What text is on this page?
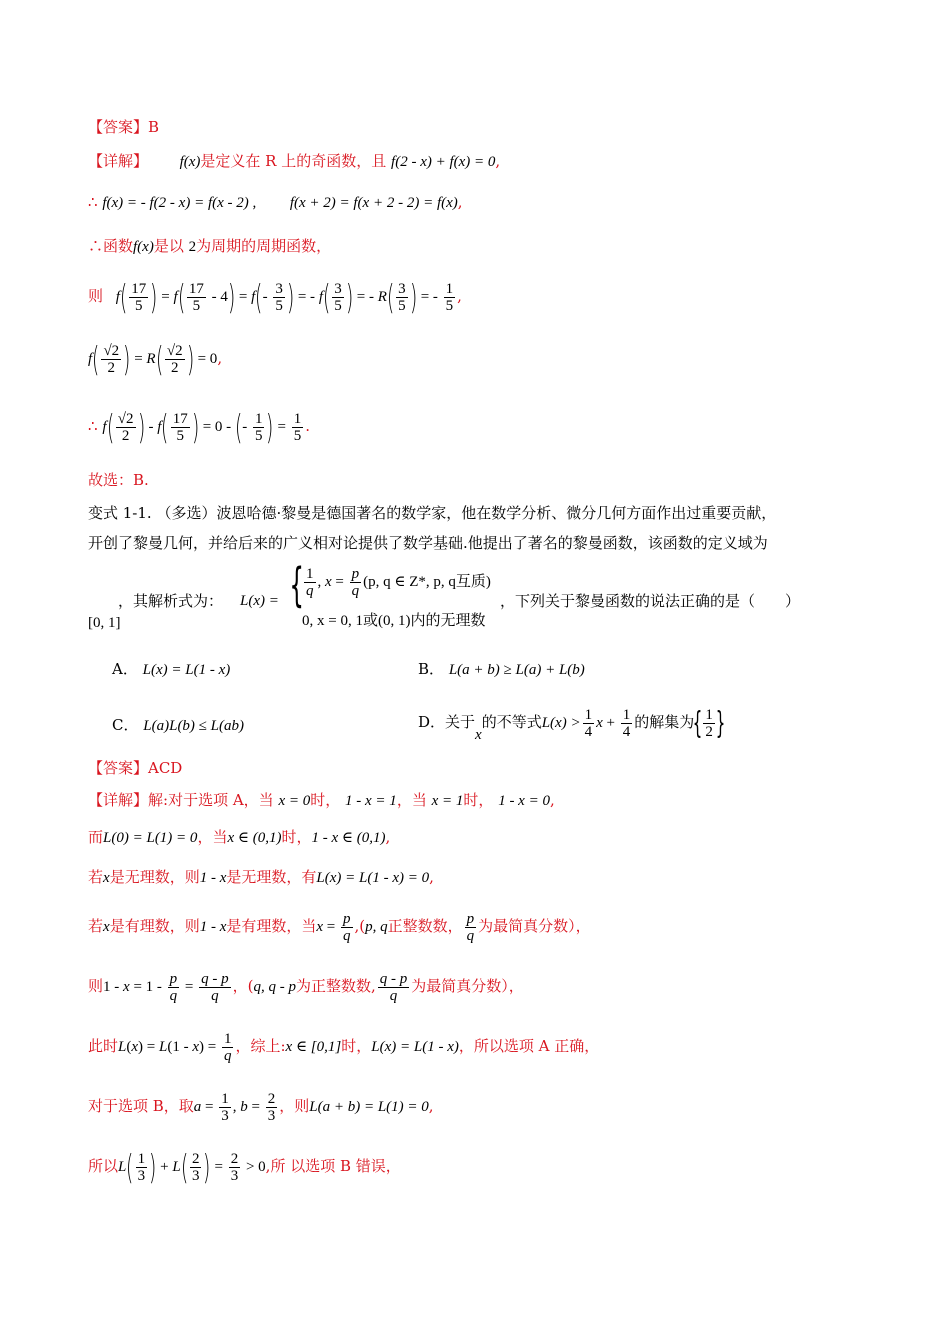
【答案】B
【详解】 f(x)是定义在 R 上的奇函数，且 f(2 - x) + f(x) = 0,
∴ f(x) = - f(2 - x) = f(x - 2) , f(x + 2) = f(x + 2 - 2) = f(x),
∴函数f(x)是以 2为周期的周期函数，
则 $f( \frac{17}{5}$ ) = $f( \frac{17}{5} - 4) = f(- \frac{3}{5}$ ) = - $f( \frac{3}{5}$ ) = - $R( \frac{3}{5}$ ) = - $\frac{1}{5}$ ,
$f( \frac{√2}{2}$ ) = $R( \frac{√2}{2}$ ) = 0,
∴ $f( \frac{√2}{2}$ ) - $f( \frac{17}{5}$ ) = 0 - (- $\frac{1}{5}$ ) = $\frac{1}{5}$ .
故选：B.
变式 1-1. （多选）波恩哈德·黎曼是德国著名的数学家，他在数学分析、微分几何方面作出过重要贡献，
开创了黎曼几何，并给后来的广义相对论提供了数学基础.他提出了著名的黎曼函数，该函数的定义域为
[0, 1]
，其解析式为： L(x) = { $\frac{1}{q}$ , $x = \frac{p}{q} (p$, q ∈ Z*, p, q互质)
0, x = 0, 1或(0, 1)内的无理数
，下列关于黎曼函数的说法正确的是（　　）
A． L(x) = L(1 - x)	B． L(a + b) ≥ L(a) + L(b)
C． L(a)L(b) ≤ L(ab)	D．关于x的不等式$L(x) > \frac{1}{4}$ $x + \frac{1}{4}$ 的解集为{ $\frac{1}{2}$ }
【答案】ACD
【详解】解:对于选项 A，当 x = 0时， 1 - x = 1，当 x = 1时， 1 - x = 0,
而L(0) = L(1) = 0，当x ∈ (0,1)时，1 - x ∈ (0,1),
若x是无理数，则1 - x是无理数，有L(x) = L(1 - x) = 0,
若x是有理数，则1 - x是有理数，当$x = \frac{p}{q} ,(p$, q正整数数， $\frac{p}{q}$ 为最简真分数），
则$1 - x = 1 - \frac{p}{q} = \frac{q - p}{q}$ ，(q, q - p为正整数数, $\frac{q - p}{q}$ 为最简真分数），
此时$L(x) = L(1 - x) = \frac{1}{q}$ ，综上:x ∈ [0,1]时，L(x) = L(1 - x)，所以选项 A 正确，
对于选项 B，取$a = \frac{1}{3}$ , $b = \frac{2}{3}$ ，则L(a + b) = L(1) = 0,
所以$L( \frac{1}{3}$ ) + $L( \frac{2}{3}$ ) = $\frac{2}{3} > 0$,所 以选项 B 错误，
